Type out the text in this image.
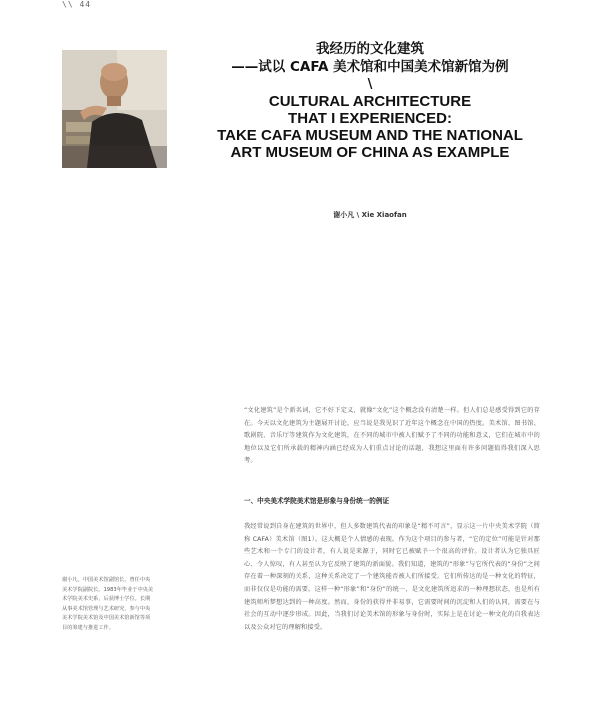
\\ 44
我经历的文化建筑
——试以 CAFA 美术馆和中国美术馆新馆为例
\
CULTURAL ARCHITECTURE
THAT I EXPERIENCED:
TAKE CAFA MUSEUM AND THE NATIONAL
ART MUSEUM OF CHINA AS EXAMPLE
谢小凡 \ Xie Xiaofan
“文化建筑”是个新名词，它不好下定义，就像“文化”这个概念没有清楚一样。但人们总是感受得到它的存在。今天以文化建筑为主题展开讨论，应当说是我见识了近年这个概念在中国的热度。美术馆、图书馆、歌剧院、音乐厅等建筑作为文化建筑，在不同的城市中被人们赋予了不同的功能和意义，它们在城市中的地位以及它们所承载的精神内涵已经成为人们重点讨论的话题，我想这里面有许多问题值得我们深入思考。
一、中央美术学院美术馆是形象与身份统一的例证
我经常说到自身在建筑的世界中，但人多数建筑代表的印象是“精不可言”，显示这一片中央美术学院（简称 CAFA）美术馆（图1）。这大概是个人情感的表现。作为这个项目的参与者，“它的定位”可能是针对那些艺术和一个专门的设计者，有人说是来源于，同时它已被赋予一个很高的评价。设计者认为它独具匠心、令人惊叹，有人甚至认为它反映了建筑的新面貌。我们知道，建筑的“形象”与它所代表的“身份”之间存在着一种深刻的关系，这种关系决定了一个建筑能否被人们所接受。它们所传达的是一种文化的特征，而非仅仅是功能的需要。这样一种“形象”和“身份”的统一，是文化建筑所追求的一种理想状态，也是所有建筑师所梦想达到的一种高度。然而，身份的获得并非易事，它需要时间的沉淀和人们的认同，需要在与社会的互动中逐步形成。因此，当我们讨论美术馆的形象与身份时，实际上是在讨论一种文化的自我表达以及公众对它的理解和接受。
谢小凡，中国美术馆副馆长，曾任中央美术学院副院长。1983年毕业于中央美术学院美术史系，后获博士学位。长期从事美术馆管理与艺术研究，参与中央美术学院美术馆及中国美术馆新馆等项目的筹建与推进工作。
